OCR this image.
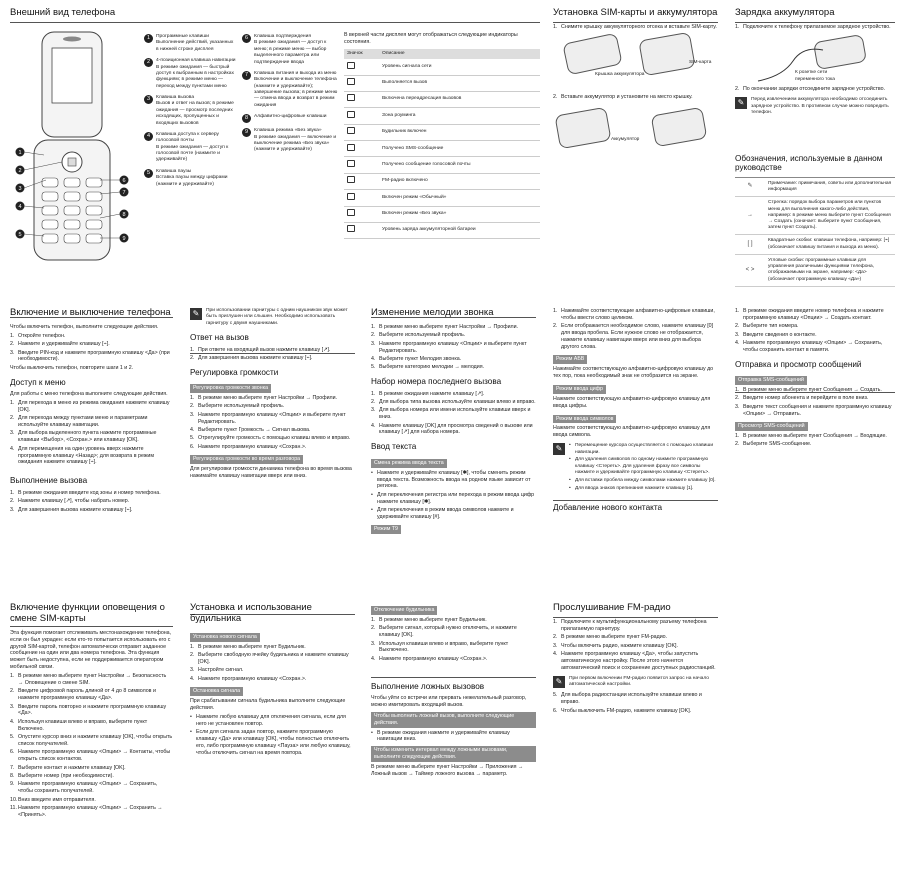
Внешний вид телефона
1
2
3
4
5
6
7
8
9
1	Программные клавиши
Выполнение действий, указанных в нижней строке дисплея
2	4-позиционная клавиша навигации
В режиме ожидания — быстрый доступ к выбранным в настройках функциям; в режиме меню — переход между пунктами меню
3	Клавиша вызова
Вызов и ответ на вызов; в режиме ожидания — просмотр последних исходящих, пропущенных и входящих вызовов
4	Клавиша доступа к серверу голосовой почты
В режиме ожидания — доступ к голосовой почте (нажмите и удерживайте)
5	Клавиша паузы
Вставка паузы между цифрами (нажмите и удерживайте)
6	Клавиша подтверждения
В режиме ожидания — доступ к меню; в режиме меню — выбор выделенного параметра или подтверждение ввода
7	Клавиша питания и выхода из меню
Включение и выключение телефона (нажмите и удерживайте); завершение вызова; в режиме меню — отмена ввода и возврат в режим ожидания
8	Алфавитно-цифровые клавиши
9	Клавиша режима «Без звука»
В режиме ожидания — включение и выключение режима «Без звука» (нажмите и удерживайте)

В верхней части дисплея могут отображаться следующие индикаторы состояния.

Значок	Описание
	Уровень сигнала сети
	Выполняется вызов
	Включена переадресация вызовов
	Зона роуминга
	Будильник включен
	Получено SMS-сообщение
	Получено сообщение голосовой почты
	FM-радио включено
	Включен режим «Обычный»
	Включен режим «Без звука»
	Уровень заряда аккумуляторной батареи
Установка SIM-карты и аккумулятора
1. Снимите крышку аккумуляторного отсека и вставьте SIM-карту.
Крышка аккумулятора
SIM-карта
2. Вставьте аккумулятор и установите на место крышку.
Аккумулятор
Зарядка аккумулятора
1. Подключите к телефону прилагаемое зарядное устройство.
К розетке сети переменного тока
2. По окончании зарядки отсоедините зарядное устройство.
✎	Перед извлечением аккумулятора необходимо отсоединить зарядное устройство. В противном случае можно повредить телефон.
Обозначения, используемые в данном руководстве
✎	Примечание: примечания, советы или дополнительная информация
→	Стрелка: порядок выбора параметров или пунктов меню для выполнения какого-либо действия, например: в режиме меню выберите пункт Сообщения → Создать (означает: выберите пункт Сообщения, затем пункт Создать).
[ ]	Квадратные скобки: клавиши телефона, например: [⌁] (обозначает клавишу питания и выхода из меню).
< >	Угловые скобки: программные клавиши для управления различными функциями телефона, отображаемыми на экране, например: <Да> (обозначает программную клавишу «Да»)
Включение и выключение телефона

Чтобы включить телефон, выполните следующие действия.

1. Откройте телефон.
2. Нажмите и удерживайте клавишу [⌁].
3. Введите PIN-код и нажмите программную клавишу <Да> (при необходимости).

Чтобы выключить телефон, повторите шаги 1 и 2.

Доступ к меню

Для работы с меню телефона выполните следующие действия.

1. Для перехода в меню из режима ожидания нажмите клавишу [OK].
2. Для перехода между пунктами меню и параметрами используйте клавишу навигации.
3. Для выбора выделенного пункта нажмите программные клавиши <Выбор>, <Сохран.> или клавишу [OK].
4. Для перемещения на один уровень вверх нажмите программную клавишу <Назад>; для возврата в режим ожидания нажмите клавишу [⌁].
Выполнение вызова
1. В режиме ожидания введите код зоны и номер телефона.
2. Нажмите клавишу [↗], чтобы набрать номер.
3. Для завершения вызова нажмите клавишу [⌁].
✎	При использовании гарнитуры с одним наушником звук может быть приглушен или слышен. Необходимо использовать гарнитуру с двумя наушниками.
Ответ на вызов
1. При ответе на входящий вызов нажмите клавишу [↗].
2. Для завершения вызова нажмите клавишу [⌁].
Регулировка громкости
Регулировка громкости звонка
1. В режиме меню выберите пункт Настройки → Профили.
2. Выберите используемый профиль.
3. Нажмите программную клавишу <Опции> и выберите пункт Редактировать.
4. Выберите пункт Громкость → Сигнал вызова.
5. Отрегулируйте громкость с помощью клавиш влево и вправо.
6. Нажмите программную клавишу <Сохран.>.
Регулировка громкости во время разговора

Для регулировки громкости динамика телефона во время вызова нажимайте клавишу навигации вверх или вниз.

Изменение мелодии звонка
1. В режиме меню выберите пункт Настройки → Профили.
2. Выберите используемый профиль.
3. Нажмите программную клавишу <Опции> и выберите пункт Редактировать.
4. Выберите пункт Мелодия звонка.
5. Выберите категорию мелодии → мелодия.
Набор номера последнего вызова
1. В режиме ожидания нажмите клавишу [↗].
2. Для выбора типа вызова используйте клавиши влево и вправо.
3. Для выбора номера или имени используйте клавиши вверх и вниз.
4. Нажмите клавишу [OK] для просмотра сведений о вызове или клавишу [↗] для набора номера.
Ввод текста
Смена режима ввода текста
• Нажмите и удерживайте клавишу [✱], чтобы сменить режим ввода текста. Возможность ввода на родном языке зависит от региона.
• Для переключения регистра или перехода в режим ввода цифр нажмите клавишу [✱].
• Для переключения в режим ввода символов нажмите и удерживайте клавишу [#].
Режим T9
1. Нажимайте соответствующие алфавитно-цифровые клавиши, чтобы ввести слово целиком.
2. Если отображается необходимое слово, нажмите клавишу [0] для ввода пробела. Если нужное слово не отображается, нажмите клавишу навигации вверх или вниз для выбора другого слова.
Режим АБВ

Нажимайте соответствующую алфавитно-цифровую клавишу до тех пор, пока необходимый знак не отобразится на экране.

Режим ввода цифр

Нажмите соответствующую алфавитно-цифровую клавишу для ввода цифры.

Режим ввода символов

Нажмите соответствующую алфавитно-цифровую клавишу для ввода символа.

✎	• Перемещение курсора осуществляется с помощью клавиши навигации.
• Для удаления символов по одному нажмите программную клавишу <Стереть>. Для удаления фразу все символы нажмите и удерживайте программную клавишу <Стереть>.
• Для вставки пробела между символами нажмите клавишу [0].
• Для ввода знаков препинания нажмите клавишу [1].
Добавление нового контакта
1. В режиме ожидания введите номер телефона и нажмите программную клавишу <Опции> → Создать контакт.
2. Выберите тип номера.
3. Введите сведения о контакте.
4. Нажмите программную клавишу <Опции> → Сохранить, чтобы сохранить контакт в памяти.
Отправка и просмотр сообщений
Отправка SMS-сообщений
1. В режиме меню выберите пункт Сообщения → Создать.
2. Введите номер абонента и перейдите в поле вниз.
3. Введите текст сообщения и нажмите программную клавишу <Опции> → Отправить.
Просмотр SMS-сообщений
1. В режиме меню выберите пункт Сообщения → Входящие.
2. Выберите SMS-сообщение.
Включение функции оповещения о смене SIM-карты

Эта функция помогает отслеживать местонахождение телефона, если он был украден: если кто-то попытается использовать его с другой SIM-картой, телефон автоматически отправит заданное сообщение на один или два номера телефона. Эта функция может быть недоступна, если не поддерживается оператором мобильной связи.

1. В режиме меню выберите пункт Настройки → Безопасность → Оповещение о смене SIM.
2. Введите цифровой пароль длиной от 4 до 8 символов и нажмите программную клавишу <Да>.
3. Введите пароль повторно и нажмите программную клавишу <Да>.
4. Используя клавиши влево и вправо, выберите пункт Включено.
5. Опустите курсор вниз и нажмите клавишу [OK], чтобы открыть список получателей.
6. Нажмите программную клавишу <Опции> → Контакты, чтобы открыть список контактов.
7. Выберите контакт и нажмите клавишу [OK].
8. Выберите номер (при необходимости).
9. Нажмите программную клавишу <Опции> → Сохранить, чтобы сохранить получателей.
10. Вниз введите имя отправителя.
11. Нажмите программную клавишу <Опции> → Сохранить → <Принять>.
Установка и использование будильника
Установка нового сигнала
1. В режиме меню выберите пункт Будильник.
2. Выберите свободную ячейку будильника и нажмите клавишу [OK].
3. Настройте сигнал.
4. Нажмите программную клавишу <Сохран.>.
Остановка сигнала

При срабатывании сигнала будильника выполните следующие действия.

• Нажмите любую клавишу для отключения сигнала, если для него не установлен повтор.
• Если для сигнала задан повтор, нажмите программную клавишу <Да> или клавишу [OK], чтобы полностью отключить его, либо программную клавишу <Пауза> или любую клавишу, чтобы отключить сигнал на время повтора.
Отключение будильника
1. В режиме меню выберите пункт Будильник.
2. Выберите сигнал, который нужно отключить, и нажмите клавишу [OK].
3. Используя клавиши влево и вправо, выберите пункт Выключено.
4. Нажмите программную клавишу <Сохран.>.
Выполнение ложных вызовов

Чтобы уйти со встречи или прервать нежелательный разговор, можно имитировать входящий вызов.

Чтобы выполнить ложный вызов, выполните следующие действия.
• В режиме ожидания нажмите и удерживайте клавишу навигации вниз.
Чтобы изменить интервал между ложными вызовами, выполните следующие действия.

В режиме меню выберите пункт Настройки → Приложения → Ложный вызов → Таймер ложного вызова → параметр.

Прослушивание FM-радио
1. Подключите к мультифункциональному разъему телефона прилагаемую гарнитуру.
2. В режиме меню выберите пункт FM-радио.
3. Чтобы включить радио, нажмите клавишу [OK].
4. Нажмите программную клавишу <Да>, чтобы запустить автоматическую настройку. После этого начнется автоматический поиск и сохранение доступных радиостанций.
✎	При первом включении FM-радио появится запрос на начало автоматической настройки.
5. Для выбора радиостанции используйте клавиши влево и вправо.
6. Чтобы выключить FM-радио, нажмите клавишу [OK].
